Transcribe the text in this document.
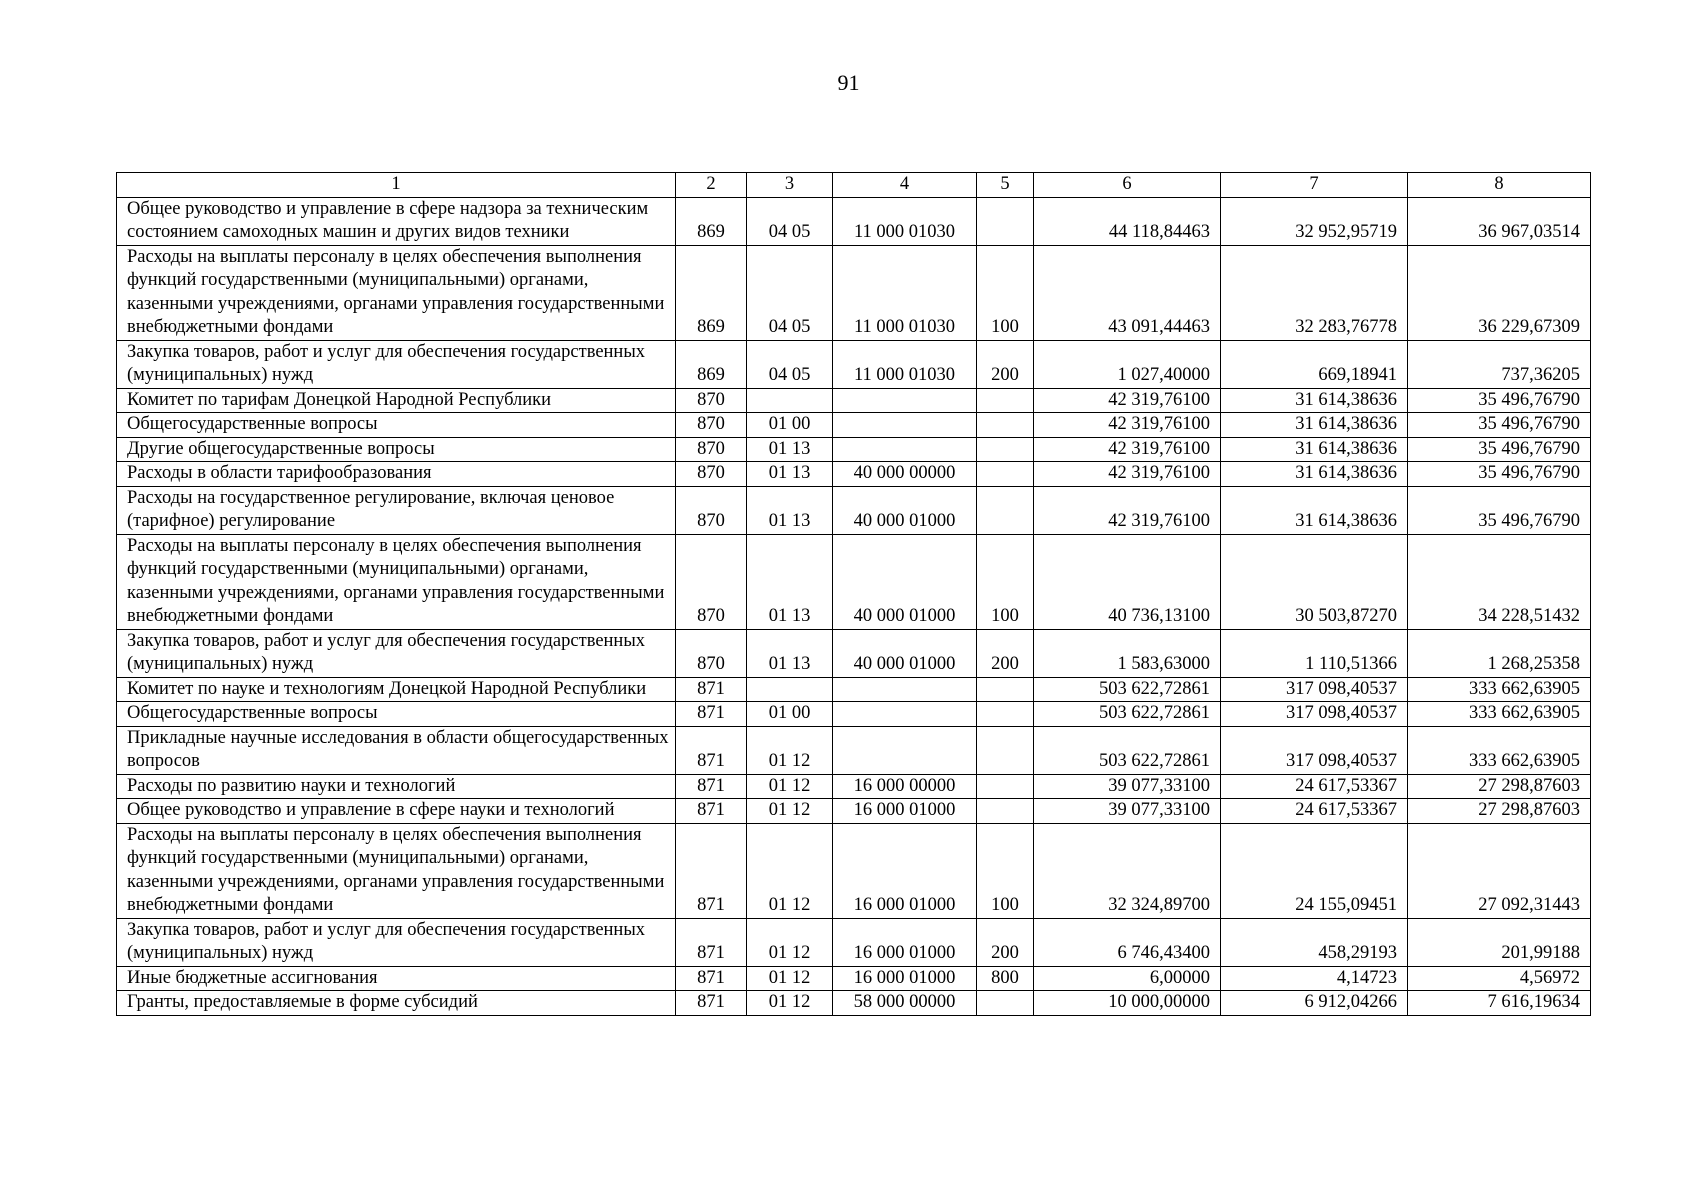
91
1	2	3	4	5	6	7	8
Общее руководство и управление в сфере надзора за техническим состоянием самоходных машин и других видов техники	869	04 05	11 000 01030		44 118,84463	32 952,95719	36 967,03514
Расходы на выплаты персоналу в целях обеспечения выполнения функций государственными (муниципальными) органами, казенными учреждениями, органами управления государственными внебюджетными фондами	869	04 05	11 000 01030	100	43 091,44463	32 283,76778	36 229,67309
Закупка товаров, работ и услуг для обеспечения государственных (муниципальных) нужд	869	04 05	11 000 01030	200	1 027,40000	669,18941	737,36205
Комитет по тарифам Донецкой Народной Республики	870				42 319,76100	31 614,38636	35 496,76790
Общегосударственные вопросы	870	01 00			42 319,76100	31 614,38636	35 496,76790
Другие общегосударственные вопросы	870	01 13			42 319,76100	31 614,38636	35 496,76790
Расходы в области тарифообразования	870	01 13	40 000 00000		42 319,76100	31 614,38636	35 496,76790
Расходы на государственное регулирование, включая ценовое (тарифное) регулирование	870	01 13	40 000 01000		42 319,76100	31 614,38636	35 496,76790
Расходы на выплаты персоналу в целях обеспечения выполнения функций государственными (муниципальными) органами, казенными учреждениями, органами управления государственными внебюджетными фондами	870	01 13	40 000 01000	100	40 736,13100	30 503,87270	34 228,51432
Закупка товаров, работ и услуг для обеспечения государственных (муниципальных) нужд	870	01 13	40 000 01000	200	1 583,63000	1 110,51366	1 268,25358
Комитет по науке и технологиям Донецкой Народной Республики	871				503 622,72861	317 098,40537	333 662,63905
Общегосударственные вопросы	871	01 00			503 622,72861	317 098,40537	333 662,63905
Прикладные научные исследования в области общегосударственных вопросов	871	01 12			503 622,72861	317 098,40537	333 662,63905
Расходы по развитию науки и технологий	871	01 12	16 000 00000		39 077,33100	24 617,53367	27 298,87603
Общее руководство и управление в сфере науки и технологий	871	01 12	16 000 01000		39 077,33100	24 617,53367	27 298,87603
Расходы на выплаты персоналу в целях обеспечения выполнения функций государственными (муниципальными) органами, казенными учреждениями, органами управления государственными внебюджетными фондами	871	01 12	16 000 01000	100	32 324,89700	24 155,09451	27 092,31443
Закупка товаров, работ и услуг для обеспечения государственных (муниципальных) нужд	871	01 12	16 000 01000	200	6 746,43400	458,29193	201,99188
Иные бюджетные ассигнования	871	01 12	16 000 01000	800	6,00000	4,14723	4,56972
Гранты, предоставляемые в форме субсидий	871	01 12	58 000 00000		10 000,00000	6 912,04266	7 616,19634
